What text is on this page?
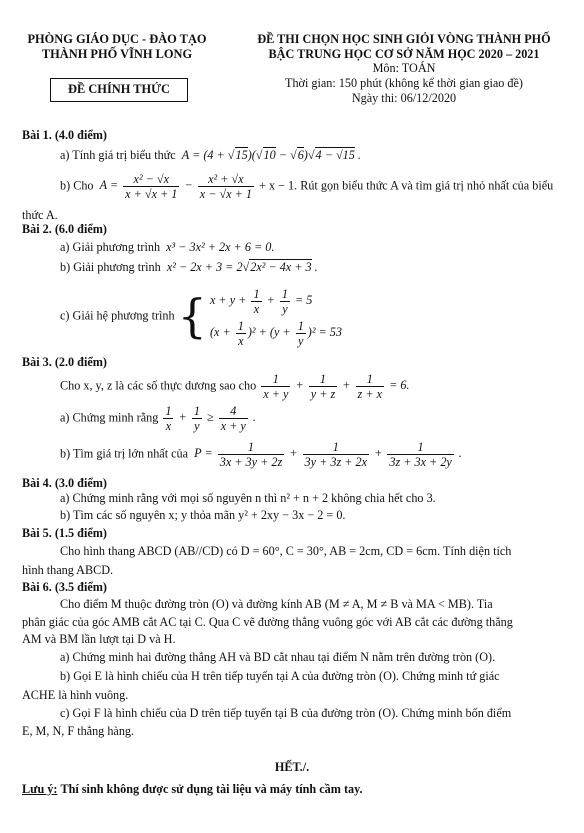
PHÒNG GIÁO DỤC - ĐÀO TẠO
THÀNH PHỐ VĨNH LONG
ĐỀ CHÍNH THỨC
ĐỀ THI CHỌN HỌC SINH GIỎI VÒNG THÀNH PHỐ
BẬC TRUNG HỌC CƠ SỞ NĂM HỌC 2020 – 2021
Môn: TOÁN
Thời gian: 150 phút (không kể thời gian giao đề)
Ngày thi: 06/12/2020
Bài 1. (4.0 điểm)
a) Tính giá trị biểu thức  A = (4 + √15)(√10 − √6)√4 − √15 .
b) Cho  $A = \frac{\text{x² − √x}}{x + √x + 1} - \frac{\text{x² + √x}}{x - √x + 1} + x - 1$. Rút gọn biểu thức A và tìm giá trị nhỏ nhất của biểu
thức A.
Bài 2. (6.0 điểm)
a) Giải phương trình  x³ − 3x² + 2x + 6 = 0.
b) Giải phương trình  x² − 2x + 3 = 2√2x² − 4x + 3 .
c) Giải hệ phương trình { $x + y + \frac{1}{x} + \frac{1}{y} = 5$
$(x + \frac{1}{x} )^2 + (y + \frac{1}{y} )^2 = 53$
Bài 3. (2.0 điểm)
Cho x, y, z là các số thực dương sao cho $\frac{1}{x + y} + \frac{1}{y + z} + \frac{1}{z + x} = 6$.
a) Chứng minh rằng $\frac{1}{x} + \frac{1}{y} \ge \frac{4}{x + y}$ .
b) Tìm giá trị lớn nhất của  $P = \frac{1}{3x + 3y + 2z} + \frac{1}{3y + 3z + 2x} + \frac{1}{3z + 3x + 2y}$ .
Bài 4. (3.0 điểm)
a) Chứng minh rằng với mọi số nguyên n thì n² + n + 2 không chia hết cho 3.
b) Tìm các số nguyên x; y thỏa mãn y² + 2xy − 3x − 2 = 0.
Bài 5. (1.5 điểm)
Cho hình thang ABCD (AB//CD) có D = 60°, C = 30°, AB = 2cm, CD = 6cm. Tính diện tích
hình thang ABCD.
Bài 6. (3.5 điểm)
Cho điểm M thuộc đường tròn (O) và đường kính AB (M ≠ A, M ≠ B và MA < MB). Tia
phân giác của góc AMB cắt AC tại C. Qua C vẽ đường thẳng vuông góc với AB cắt các đường thẳng
AM và BM lần lượt tại D và H.
a) Chứng minh hai đường thẳng AH và BD cắt nhau tại điểm N nằm trên đường tròn (O).
b) Gọi E là hình chiếu của H trên tiếp tuyến tại A của đường tròn (O). Chứng minh tứ giác
ACHE là hình vuông.
c) Gọi F là hình chiếu của D trên tiếp tuyến tại B của đường tròn (O). Chứng minh bốn điểm
E, M, N, F thẳng hàng.
HẾT./.
Lưu ý: Thí sinh không được sử dụng tài liệu và máy tính cầm tay.
